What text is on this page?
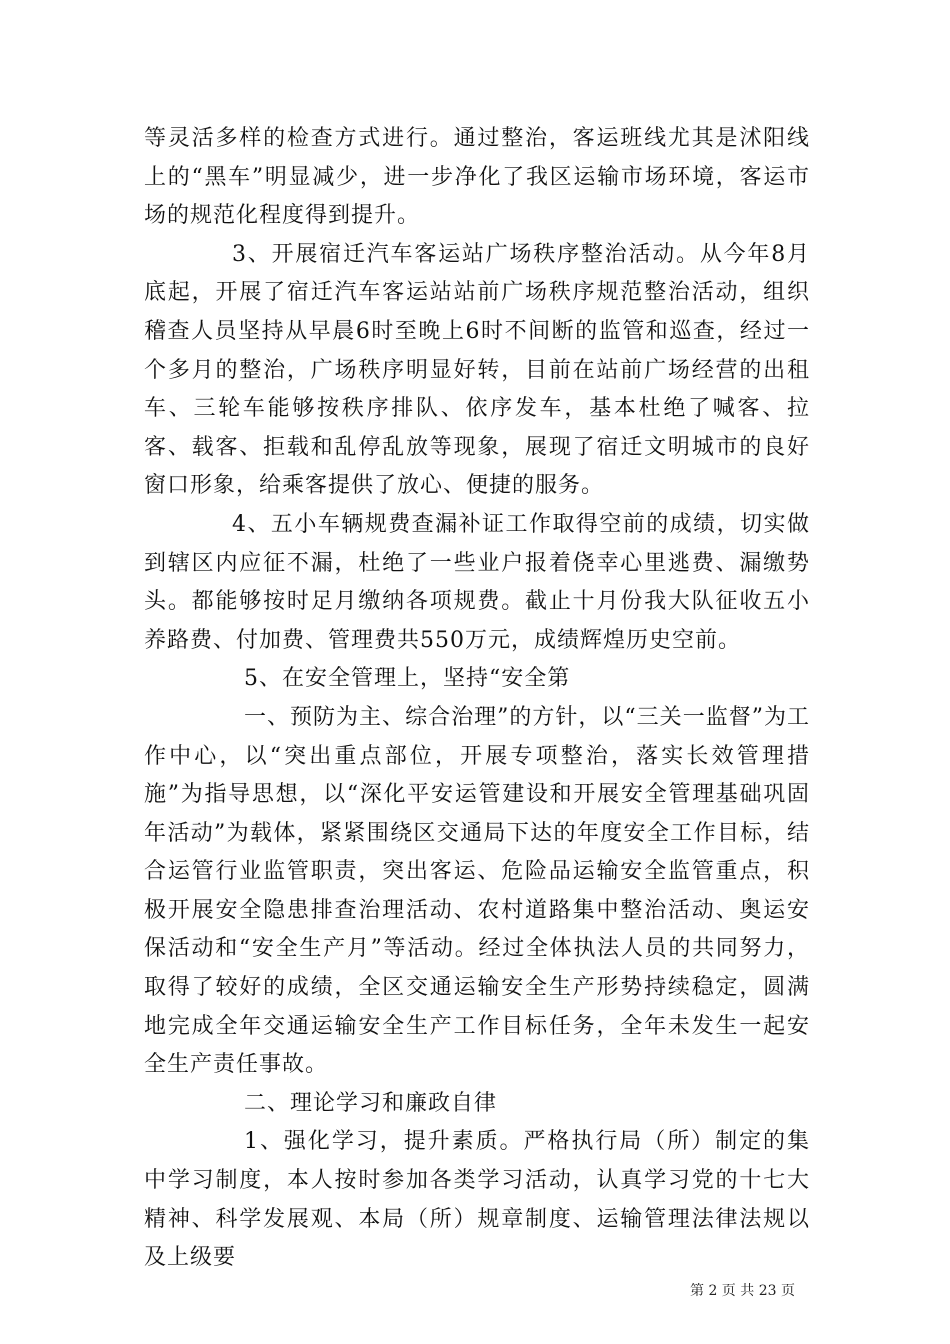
等灵活多样的检查方式进行。通过整治，客运班线尤其是沭阳线上的“黑车”明显减少，进一步净化了我区运输市场环境，客运市场的规范化程度得到提升。

3、开展宿迁汽车客运站广场秩序整治活动。从今年8月底起，开展了宿迁汽车客运站站前广场秩序规范整治活动，组织稽查人员坚持从早晨6时至晚上6时不间断的监管和巡查，经过一个多月的整治，广场秩序明显好转，目前在站前广场经营的出租车、三轮车能够按秩序排队、依序发车，基本杜绝了喊客、拉客、载客、拒载和乱停乱放等现象，展现了宿迁文明城市的良好窗口形象，给乘客提供了放心、便捷的服务。

4、五小车辆规费查漏补证工作取得空前的成绩，切实做到辖区内应征不漏，杜绝了一些业户报着侥幸心里逃费、漏缴势头。都能够按时足月缴纳各项规费。截止十月份我大队征收五小养路费、付加费、管理费共550万元，成绩辉煌历史空前。

5、在安全管理上，坚持“安全第

一、预防为主、综合治理”的方针，以“三关一监督”为工作中心，以“突出重点部位，开展专项整治，落实长效管理措施”为指导思想，以“深化平安运管建设和开展安全管理基础巩固年活动”为载体，紧紧围绕区交通局下达的年度安全工作目标，结合运管行业监管职责，突出客运、危险品运输安全监管重点，积极开展安全隐患排查治理活动、农村道路集中整治活动、奥运安保活动和“安全生产月”等活动。经过全体执法人员的共同努力，取得了较好的成绩，全区交通运输安全生产形势持续稳定，圆满地完成全年交通运输安全生产工作目标任务，全年未发生一起安全生产责任事故。

二、理论学习和廉政自律

1、强化学习，提升素质。严格执行局（所）制定的集中学习制度，本人按时参加各类学习活动，认真学习党的十七大精神、科学发展观、本局（所）规章制度、运输管理法律法规以及上级要

第 2 页 共 23 页
